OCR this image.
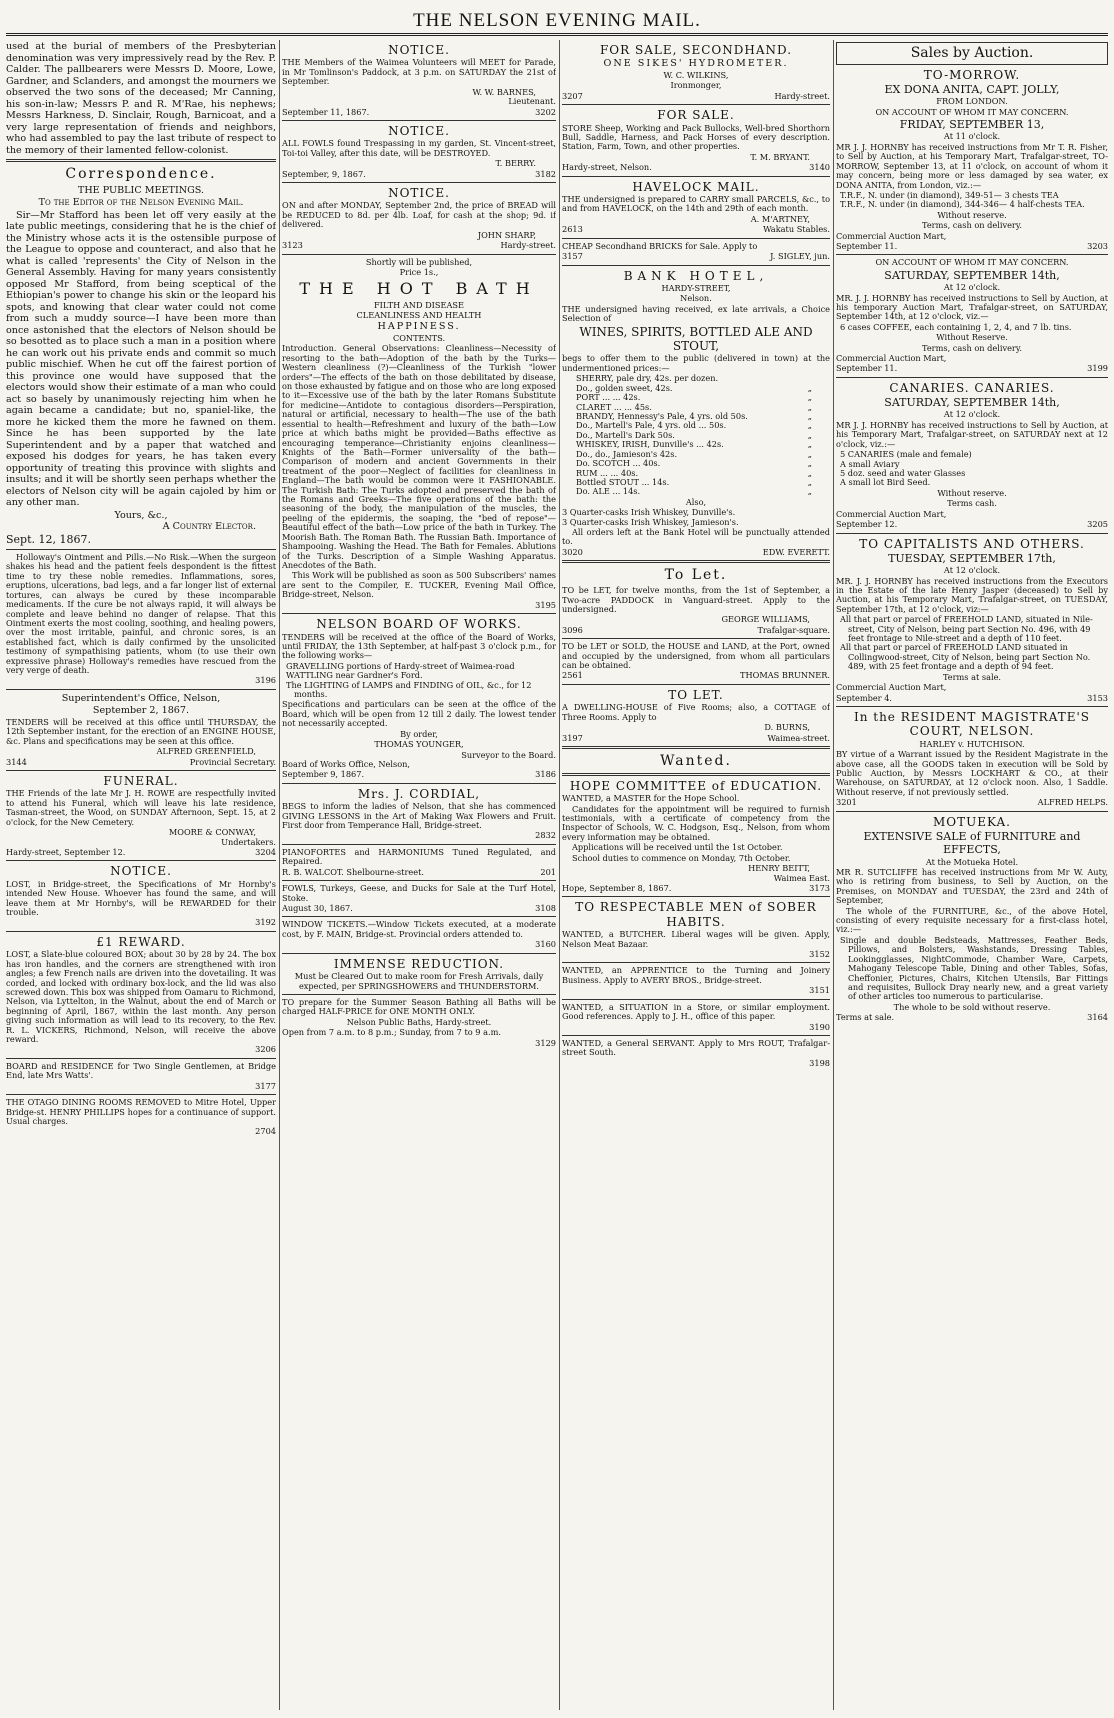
THE NELSON EVENING MAIL.

used at the burial of members of the Presbyterian denomination was very impressively read by the Rev. P. Calder. The pallbearers were Messrs D. Moore, Lowe, Gardner, and Sclanders, and amongst the mourners we observed the two sons of the deceased; Mr Canning, his son-in-law; Messrs P. and R. M'Rae, his nephews; Messrs Harkness, D. Sinclair, Rough, Barnicoat, and a very large representation of friends and neighbors, who had assembled to pay the last tribute of respect to the memory of their lamented fellow-colonist.

Correspondence.
THE PUBLIC MEETINGS.
To the Editor of the Nelson Evening Mail.

Sir—Mr Stafford has been let off very easily at the late public meetings, considering that he is the chief of the Ministry whose acts it is the ostensible purpose of the League to oppose and counteract, and also that he what is called 'represents' the City of Nelson in the General Assembly. Having for many years consistently opposed Mr Stafford, from being sceptical of the Ethiopian's power to change his skin or the leopard his spots, and knowing that clear water could not come from such a muddy source—I have been more than once astonished that the electors of Nelson should be so besotted as to place such a man in a position where he can work out his private ends and commit so much public mischief. When he cut off the fairest portion of this province one would have supposed that the electors would show their estimate of a man who could act so basely by unanimously rejecting him when he again became a candidate; but no, spaniel-like, the more he kicked them the more he fawned on them. Since he has been supported by the late Superintendent and by a paper that watched and exposed his dodges for years, he has taken every opportunity of treating this province with slights and insults; and it will be shortly seen perhaps whether the electors of Nelson city will be again cajoled by him or any other man.

Yours, &c.,
A Country Elector.
Sept. 12, 1867.

Holloway's Ointment and Pills.—No Risk.—When the surgeon shakes his head and the patient feels despondent is the fittest time to try these noble remedies. Inflammations, sores, eruptions, ulcerations, bad legs, and a far longer list of external tortures, can always be cured by these incomparable medicaments. If the cure be not always rapid, it will always be complete and leave behind no danger of relapse. That this Ointment exerts the most cooling, soothing, and healing powers, over the most irritable, painful, and chronic sores, is an established fact, which is daily confirmed by the unsolicited testimony of sympathising patients, whom (to use their own expressive phrase) Holloway's remedies have rescued from the very verge of death.

3196
Superintendent's Office, Nelson,
September 2, 1867.

TENDERS will be received at this office until THURSDAY, the 12th September instant, for the erection of an ENGINE HOUSE, &c. Plans and specifications may be seen at this office.

ALFRED GREENFIELD,
3144	Provincial Secretary.
FUNERAL.

THE Friends of the late Mr J. H. ROWE are respectfully invited to attend his Funeral, which will leave his late residence, Tasman-street, the Wood, on SUNDAY Afternoon, Sept. 15, at 2 o'clock, for the New Cemetery.

MOORE & CONWAY,
Undertakers.
Hardy-street, September 12.	3204
NOTICE.

LOST, in Bridge-street, the Specifications of Mr Hornby's intended New House. Whoever has found the same, and will leave them at Mr Hornby's, will be REWARDED for their trouble.

3192
£1 REWARD.

LOST, a Slate-blue coloured BOX; about 30 by 28 by 24. The box has iron handles, and the corners are strengthened with iron angles; a few French nails are driven into the dovetailing. It was corded, and locked with ordinary box-lock, and the lid was also screwed down. This box was shipped from Oamaru to Richmond, Nelson, via Lyttelton, in the Walnut, about the end of March or beginning of April, 1867, within the last month. Any person giving such information as will lead to its recovery, to the Rev. R. L. VICKERS, Richmond, Nelson, will receive the above reward.

3206

BOARD and RESIDENCE for Two Single Gentlemen, at Bridge End, late Mrs Watts'.

3177

THE OTAGO DINING ROOMS REMOVED to Mitre Hotel, Upper Bridge-st. HENRY PHILLIPS hopes for a continuance of support. Usual charges.

2704
NOTICE.

THE Members of the Waimea Volunteers will MEET for Parade, in Mr Tomlinson's Paddock, at 3 p.m. on SATURDAY the 21st of September.

W. W. BARNES,
Lieutenant.
September 11, 1867.	3202
NOTICE.

ALL FOWLS found Trespassing in my garden, St. Vincent-street, Toi-toi Valley, after this date, will be DESTROYED.

T. BERRY.
September, 9, 1867.	3182
NOTICE.

ON and after MONDAY, September 2nd, the price of BREAD will be REDUCED to 8d. per 4lb. Loaf, for cash at the shop; 9d. if delivered.

JOHN SHARP,
3123	Hardy-street.
Shortly will be published,
Price 1s.,
THE HOT BATH
FILTH AND DISEASE
CLEANLINESS AND HEALTH
HAPPINESS.
CONTENTS.

Introduction. General Observations: Cleanliness—Necessity of resorting to the bath—Adoption of the bath by the Turks—Western cleanliness (?)—Cleanliness of the Turkish "lower orders"—The effects of the bath on those debilitated by disease, on those exhausted by fatigue and on those who are long exposed to it—Excessive use of the bath by the later Romans Substitute for medicine—Antidote to contagious disorders—Perspiration, natural or artificial, necessary to health—The use of the bath essential to health—Refreshment and luxury of the bath—Low price at which baths might be provided—Baths effective as encouraging temperance—Christianity enjoins cleanliness—Knights of the Bath—Former universality of the bath—Comparison of modern and ancient Governments in their treatment of the poor—Neglect of facilities for cleanliness in England—The bath would be common were it FASHIONABLE. The Turkish Bath: The Turks adopted and preserved the bath of the Romans and Greeks—The five operations of the bath: the seasoning of the body, the manipulation of the muscles, the peeling of the epidermis, the soaping, the "bed of repose"—Beautiful effect of the bath—Low price of the bath in Turkey. The Moorish Bath. The Roman Bath. The Russian Bath. Importance of Shampooing. Washing the Head. The Bath for Females. Ablutions of the Turks. Description of a Simple Washing Apparatus. Anecdotes of the Bath.

This Work will be published as soon as 500 Subscribers' names are sent to the Compiler, E. TUCKER, Evening Mail Office, Bridge-street, Nelson.

3195
NELSON BOARD OF WORKS.

TENDERS will be received at the office of the Board of Works, until FRIDAY, the 13th September, at half-past 3 o'clock p.m., for the following works—

GRAVELLING portions of Hardy-street of Waimea-road
WATTLING near Gardner's Ford.
The LIGHTING of LAMPS and FINDING of OIL, &c., for 12 months.

Specifications and particulars can be seen at the office of the Board, which will be open from 12 till 2 daily. The lowest tender not necessarily accepted.

By order,
THOMAS YOUNGER,
Surveyor to the Board.
Board of Works Office, Nelson,
September 9, 1867.	3186
Mrs. J. CORDIAL,

BEGS to inform the ladies of Nelson, that she has commenced GIVING LESSONS in the Art of Making Wax Flowers and Fruit. First door from Temperance Hall, Bridge-street.

2832

PIANOFORTES and HARMONIUMS Tuned Regulated, and Repaired.

R. B. WALCOT. Shelbourne-street.	201

FOWLS, Turkeys, Geese, and Ducks for Sale at the Turf Hotel, Stoke.

August 30, 1867.	3108

WINDOW TICKETS.—Window Tickets executed, at a moderate cost, by F. MAIN, Bridge-st. Provincial orders attended to.

3160
IMMENSE REDUCTION.

Must be Cleared Out to make room for Fresh Arrivals, daily expected, per SPRINGSHOWERS and THUNDERSTORM.

TO prepare for the Summer Season Bathing all Baths will be charged HALF-PRICE for ONE MONTH ONLY.

Nelson Public Baths, Hardy-street.

Open from 7 a.m. to 8 p.m.; Sunday, from 7 to 9 a.m.

3129
FOR SALE, SECONDHAND.
ONE SIKES' HYDROMETER.
W. C. WILKINS,
Ironmonger,
3207	Hardy-street.
FOR SALE.

STORE Sheep, Working and Pack Bullocks, Well-bred Shorthorn Bull, Saddle, Harness, and Pack Horses of every description. Station, Farm, Town, and other properties.

T. M. BRYANT.
Hardy-street, Nelson.	3140
HAVELOCK MAIL.

THE undersigned is prepared to CARRY small PARCELS, &c., to and from HAVELOCK, on the 14th and 29th of each month.

A. M'ARTNEY,
2613	Wakatu Stables.

CHEAP Secondhand BRICKS for Sale. Apply to

3157	J. SIGLEY, jun.
BANK HOTEL,
HARDY-STREET,
Nelson.

THE undersigned having received, ex late arrivals, a Choice Selection of

WINES, SPIRITS, BOTTLED ALE AND STOUT,

begs to offer them to the public (delivered in town) at the undermentioned prices:—

SHERRY, pale dry, 42s. per dozen.
Do., golden sweet, 42s.	„
PORT ... ... 42s.	„
CLARET ... ... 45s.	„
BRANDY, Hennessy's Pale, 4 yrs. old 50s.	„
Do., Martell's Pale, 4 yrs. old ... 50s.	„
Do., Martell's Dark 50s.	„
WHISKEY, IRISH, Dunville's ... 42s.	„
Do., do., Jamieson's 42s.	„
Do. SCOTCH ... 40s.	„
RUM ... ... 40s.	„
Bottled STOUT ... 14s.	„
Do. ALE ... 14s.	„
Also,
3 Quarter-casks Irish Whiskey, Dunville's.
3 Quarter-casks Irish Whiskey, Jamieson's.

All orders left at the Bank Hotel will be punctually attended to.

3020	EDW. EVERETT.
To Let.

TO be LET, for twelve months, from the 1st of September, a Two-acre PADDOCK in Vanguard-street. Apply to the undersigned.

GEORGE WILLIAMS,
3096	Trafalgar-square.

TO be LET or SOLD, the HOUSE and LAND, at the Port, owned and occupied by the undersigned, from whom all particulars can be obtained.

2561	THOMAS BRUNNER.
TO LET.

A DWELLING-HOUSE of Five Rooms; also, a COTTAGE of Three Rooms. Apply to

D. BURNS,
3197	Waimea-street.
Wanted.
HOPE COMMITTEE of EDUCATION.

WANTED, a MASTER for the Hope School.

Candidates for the appointment will be required to furnish testimonials, with a certificate of competency from the Inspector of Schools, W. C. Hodgson, Esq., Nelson, from whom every information may be obtained.

Applications will be received until the 1st October.

School duties to commence on Monday, 7th October.

HENRY BEITT,
Waimea East.
Hope, September 8, 1867.	3173
TO RESPECTABLE MEN of SOBER HABITS.

WANTED, a BUTCHER. Liberal wages will be given. Apply, Nelson Meat Bazaar.

3152

WANTED, an APPRENTICE to the Turning and Joinery Business. Apply to AVERY BROS., Bridge-street.

3151

WANTED, a SITUATION in a Store, or similar employment. Good references. Apply to J. H., office of this paper.

3190

WANTED, a General SERVANT. Apply to Mrs ROUT, Trafalgar-street South.

3198
Sales by Auction.
TO-MORROW.
EX DONA ANITA, CAPT. JOLLY,
FROM LONDON.
ON ACCOUNT OF WHOM IT MAY CONCERN.
FRIDAY, SEPTEMBER 13,
At 11 o'clock.

MR J. J. HORNBY has received instructions from Mr T. R. Fisher, to Sell by Auction, at his Temporary Mart, Trafalgar-street, TO-MORROW, September 13, at 11 o'clock, on account of whom it may concern, being more or less damaged by sea water, ex DONA ANITA, from London, viz.:—

T.R.F., N. under (in diamond), 349-51— 3 chests TEA
T.R.F., N. under (in diamond), 344-346— 4 half-chests TEA.
Without reserve.
Terms, cash on delivery.
Commercial Auction Mart,
September 11.	3203
ON ACCOUNT OF WHOM IT MAY CONCERN.
SATURDAY, SEPTEMBER 14th,
At 12 o'clock.

MR. J. J. HORNBY has received instructions to Sell by Auction, at his temporary Auction Mart, Trafalgar-street, on SATURDAY, September 14th, at 12 o'clock, viz.—

6 cases COFFEE, each containing 1, 2, 4, and 7 lb. tins.
Without Reserve.
Terms, cash on delivery.
Commercial Auction Mart,
September 11.	3199
CANARIES. CANARIES.
SATURDAY, SEPTEMBER 14th,
At 12 o'clock.

MR J. J. HORNBY has received instructions to Sell by Auction, at his Temporary Mart, Trafalgar-street, on SATURDAY next at 12 o'clock, viz.:—

5 CANARIES (male and female)
A small Aviary
5 doz. seed and water Glasses
A small lot Bird Seed.
Without reserve.
Terms cash.
Commercial Auction Mart,
September 12.	3205
TO CAPITALISTS AND OTHERS.
TUESDAY, SEPTEMBER 17th,
At 12 o'clock.

MR. J. J. HORNBY has received instructions from the Executors in the Estate of the late Henry Jasper (deceased) to Sell by Auction, at his Temporary Mart, Trafalgar-street, on TUESDAY, September 17th, at 12 o'clock, viz:—

All that part or parcel of FREEHOLD LAND, situated in Nile-street, City of Nelson, being part Section No. 496, with 49 feet frontage to Nile-street and a depth of 110 feet.
All that part or parcel of FREEHOLD LAND situated in Collingwood-street, City of Nelson, being part Section No. 489, with 25 feet frontage and a depth of 94 feet.
Terms at sale.
Commercial Auction Mart,
September 4.	3153
In the RESIDENT MAGISTRATE'S COURT, NELSON.
HARLEY v. HUTCHISON.

BY virtue of a Warrant issued by the Resident Magistrate in the above case, all the GOODS taken in execution will be Sold by Public Auction, by Messrs LOCKHART & CO., at their Warehouse, on SATURDAY, at 12 o'clock noon. Also, 1 Saddle. Without reserve, if not previously settled.

3201	ALFRED HELPS.
MOTUEKA.
EXTENSIVE SALE of FURNITURE and EFFECTS,
At the Motueka Hotel.

MR R. SUTCLIFFE has received instructions from Mr W. Auty, who is retiring from business, to Sell by Auction, on the Premises, on MONDAY and TUESDAY, the 23rd and 24th of September,

The whole of the FURNITURE, &c., of the above Hotel, consisting of every requisite necessary for a first-class hotel, viz.:—

Single and double Bedsteads, Mattresses, Feather Beds, Pillows, and Bolsters, Washstands, Dressing Tables, Lookingglasses, NightCommode, Chamber Ware, Carpets, Mahogany Telescope Table, Dining and other Tables, Sofas, Cheffonier, Pictures, Chairs, Kitchen Utensils, Bar Fittings and requisites, Bullock Dray nearly new, and a great variety of other articles too numerous to particularise.

The whole to be sold without reserve.
Terms at sale.	3164
